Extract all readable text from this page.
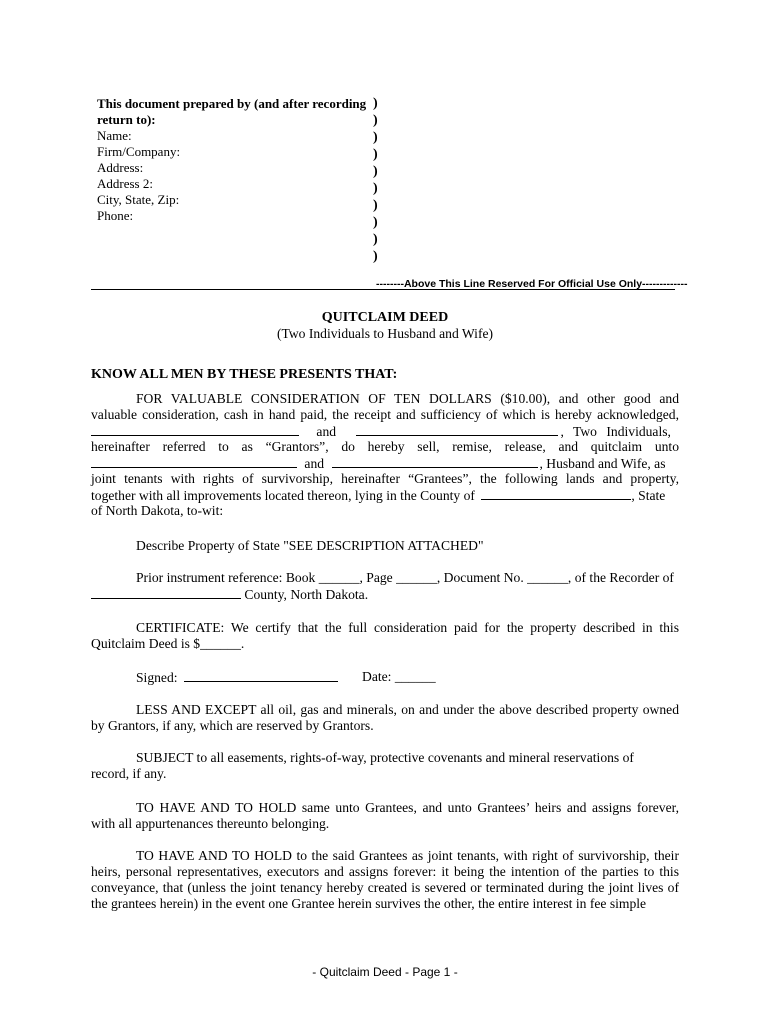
This document prepared by (and after recording
return to):
Name:
Firm/Company:
Address:
Address 2:
City, State, Zip:
Phone:
)
)
)
)
)
)
)
)
)
)
--------Above This Line Reserved For Official Use Only-------------
QUITCLAIM DEED
(Two Individuals to Husband and Wife)
KNOW ALL MEN BY THESE PRESENTS THAT:
FOR VALUABLE CONSIDERATION OF TEN DOLLARS ($10.00), and other good and
valuable consideration, cash in hand paid, the receipt and sufficiency of which is hereby acknowledged,
and	, Two Individuals,
hereinafter referred to as “Grantors”, do hereby sell, remise, release, and quitclaim unto
and	, Husband and Wife, as
joint tenants with rights of survivorship, hereinafter “Grantees”, the following lands and property,
together with all improvements located thereon, lying in the County of	, State
of North Dakota, to-wit:
Describe Property of State "SEE DESCRIPTION ATTACHED"
Prior instrument reference: Book ______, Page ______, Document No. ______, of the Recorder of
County, North Dakota.
CERTIFICATE: We certify that the full consideration paid for the property described in this
Quitclaim Deed is $______.
Signed:	Date: ______
LESS AND EXCEPT all oil, gas and minerals, on and under the above described property owned
by Grantors, if any, which are reserved by Grantors.
SUBJECT to all easements, rights-of-way, protective covenants and mineral reservations of
record, if any.
TO HAVE AND TO HOLD same unto Grantees, and unto Grantees’ heirs and assigns forever,
with all appurtenances thereunto belonging.
TO HAVE AND TO HOLD to the said Grantees as joint tenants, with right of survivorship, their
heirs, personal representatives, executors and assigns forever: it being the intention of the parties to this
conveyance, that (unless the joint tenancy hereby created is severed or terminated during the joint lives of
the grantees herein) in the event one Grantee herein survives the other, the entire interest in fee simple
- Quitclaim Deed - Page 1 -
